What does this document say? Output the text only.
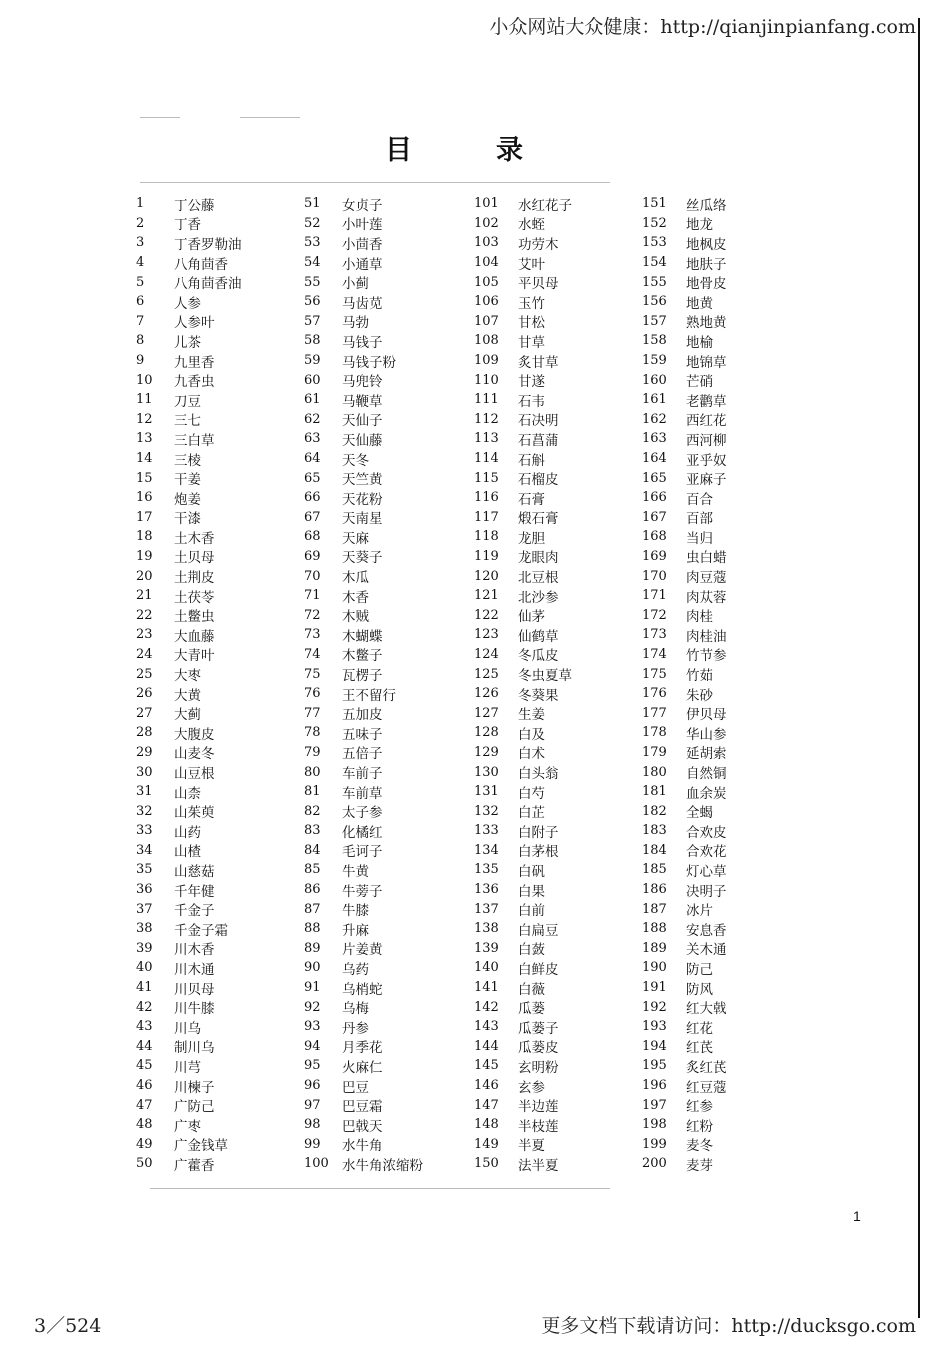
小众网站大众健康：http://qianjinpianfang.com
目	录
1	丁公藤
2	丁香
3	丁香罗勒油
4	八角茴香
5	八角茴香油
6	人参
7	人参叶
8	儿茶
9	九里香
10	九香虫
11	刀豆
12	三七
13	三白草
14	三棱
15	干姜
16	炮姜
17	干漆
18	土木香
19	土贝母
20	土荆皮
21	土茯苓
22	土鳖虫
23	大血藤
24	大青叶
25	大枣
26	大黄
27	大蓟
28	大腹皮
29	山麦冬
30	山豆根
31	山柰
32	山茱萸
33	山药
34	山楂
35	山慈菇
36	千年健
37	千金子
38	千金子霜
39	川木香
40	川木通
41	川贝母
42	川牛膝
43	川乌
44	制川乌
45	川芎
46	川楝子
47	广防己
48	广枣
49	广金钱草
50	广藿香
51	女贞子
52	小叶莲
53	小茴香
54	小通草
55	小蓟
56	马齿苋
57	马勃
58	马钱子
59	马钱子粉
60	马兜铃
61	马鞭草
62	天仙子
63	天仙藤
64	天冬
65	天竺黄
66	天花粉
67	天南星
68	天麻
69	天葵子
70	木瓜
71	木香
72	木贼
73	木蝴蝶
74	木鳖子
75	瓦楞子
76	王不留行
77	五加皮
78	五味子
79	五倍子
80	车前子
81	车前草
82	太子参
83	化橘红
84	毛诃子
85	牛黄
86	牛蒡子
87	牛膝
88	升麻
89	片姜黄
90	乌药
91	乌梢蛇
92	乌梅
93	丹参
94	月季花
95	火麻仁
96	巴豆
97	巴豆霜
98	巴戟天
99	水牛角
100 水牛角浓缩粉
101	水红花子
102	水蛭
103	功劳木
104	艾叶
105	平贝母
106	玉竹
107	甘松
108	甘草
109	炙甘草
110	甘遂
111	石韦
112	石决明
113	石菖蒲
114	石斛
115	石榴皮
116	石膏
117	煅石膏
118	龙胆
119	龙眼肉
120	北豆根
121	北沙参
122	仙茅
123	仙鹤草
124	冬瓜皮
125	冬虫夏草
126	冬葵果
127	生姜
128	白及
129	白术
130	白头翁
131	白芍
132	白芷
133	白附子
134	白茅根
135	白矾
136	白果
137	白前
138	白扁豆
139	白蔹
140	白鲜皮
141	白薇
142	瓜蒌
143	瓜蒌子
144	瓜蒌皮
145	玄明粉
146	玄参
147	半边莲
148	半枝莲
149	半夏
150	法半夏
151	丝瓜络
152	地龙
153	地枫皮
154	地肤子
155	地骨皮
156	地黄
157	熟地黄
158	地榆
159	地锦草
160	芒硝
161	老鹳草
162	西红花
163	西河柳
164	亚乎奴
165	亚麻子
166	百合
167	百部
168	当归
169	虫白蜡
170	肉豆蔻
171	肉苁蓉
172	肉桂
173	肉桂油
174	竹节参
175	竹茹
176	朱砂
177	伊贝母
178	华山参
179	延胡索
180	自然铜
181	血余炭
182	全蝎
183	合欢皮
184	合欢花
185	灯心草
186	决明子
187	冰片
188	安息香
189	关木通
190	防己
191	防风
192	红大戟
193	红花
194	红芪
195	炙红芪
196	红豆蔻
197	红参
198	红粉
199	麦冬
200	麦芽
1
3／524	更多文档下载请访问：http://ducksgo.com
